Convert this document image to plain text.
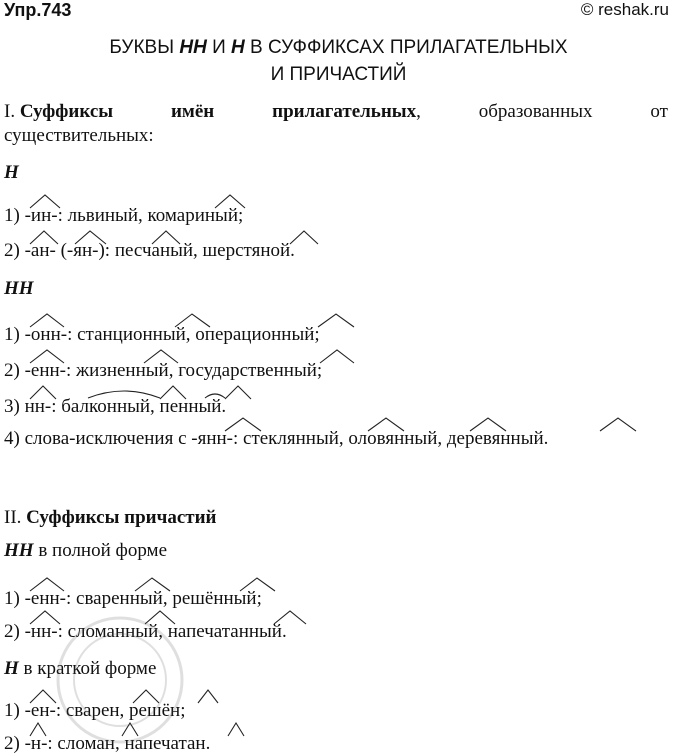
Упр.743	© reshak.ru
БУКВЫ НН И Н В СУФФИКСАХ ПРИЛАГАТЕЛЬНЫХ
И ПРИЧАСТИЙ
I. Суффиксы	имён	прилагательных,	образованных	от
существительных:
Н
1) -ин-: львиный, комариный;
2) -ан- (-ян-): песчаный, шерстяной.
НН
1) -онн-: станционный, операционный;
2) -енн-: жизненный, государственный;
3) нн-: балконный, пенный.
4) слова-исключения с -янн-: стеклянный, оловянный, деревянный.
II. Суффиксы причастий
НН в полной форме
1) -енн-: сваренный, решённый;
2) -нн-: сломанный, напечатанный.
Н в краткой форме
1) -ен-: сварен, решён;
2) -н-: сломан, напечатан.
